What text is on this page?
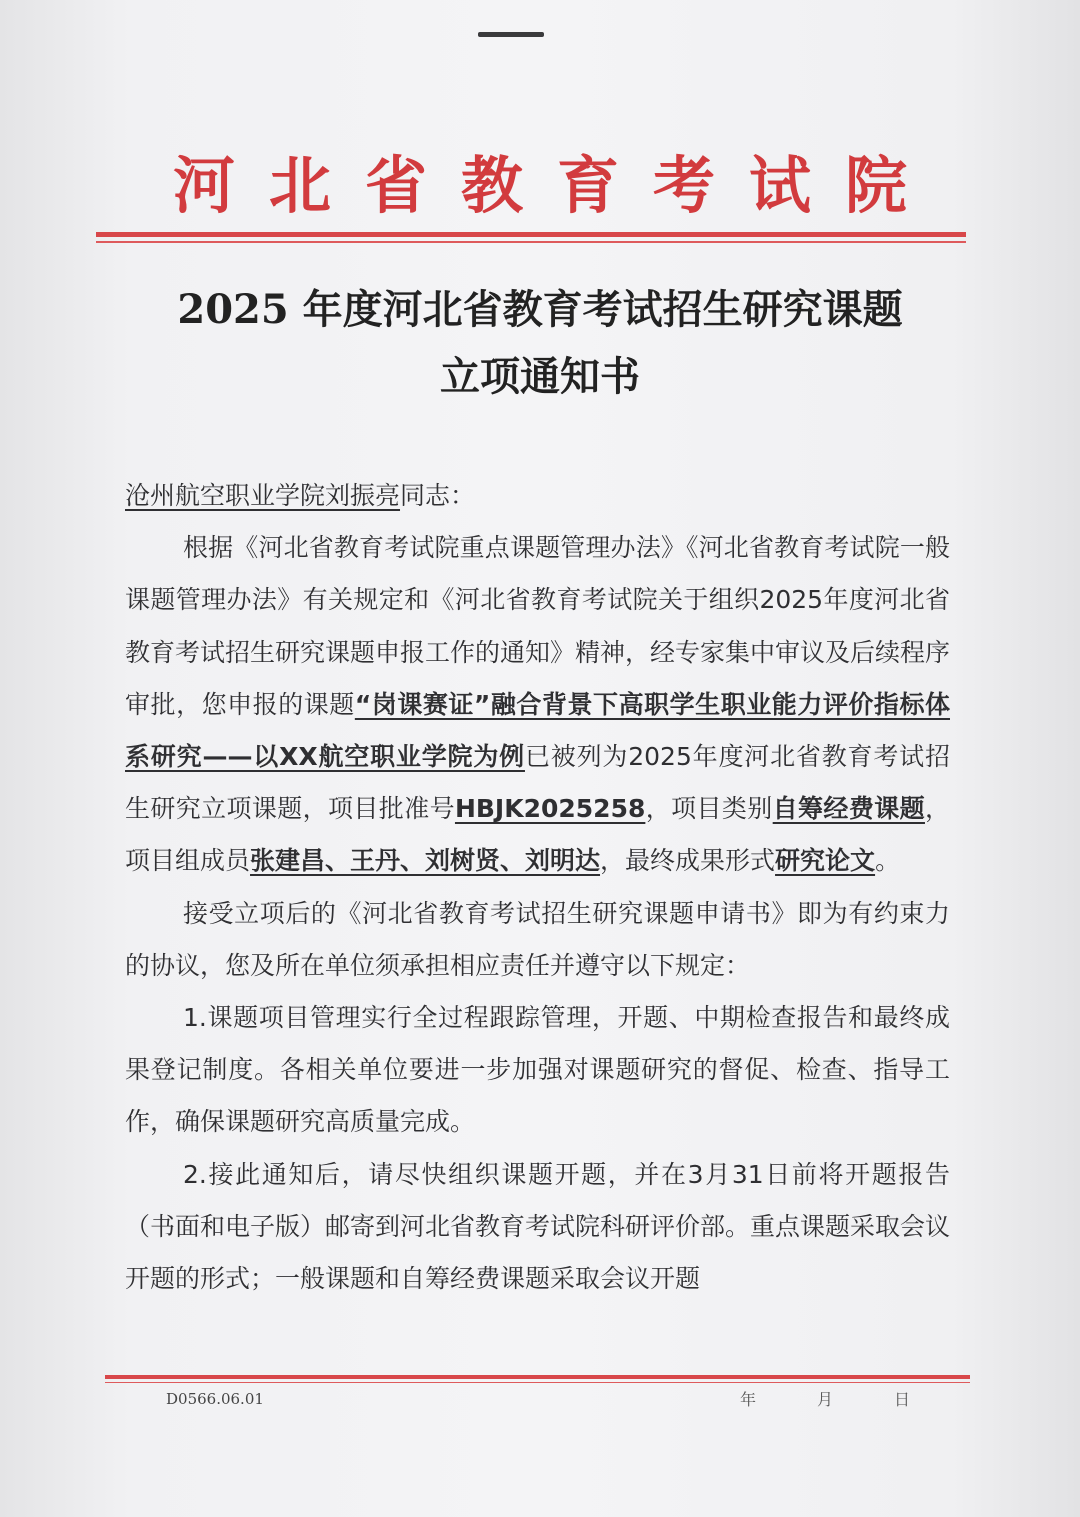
河北省教育考试院
2025 年度河北省教育考试招生研究课题
立项通知书

沧州航空职业学院刘振亮同志：

根据《河北省教育考试院重点课题管理办法》《河北省教育考试院一般课题管理办法》有关规定和《河北省教育考试院关于组织2025年度河北省教育考试招生研究课题申报工作的通知》精神，经专家集中审议及后续程序审批，您申报的课题“岗课赛证”融合背景下高职学生职业能力评价指标体系研究——以XX航空职业学院为例已被列为2025年度河北省教育考试招生研究立项课题，项目批准号HBJK2025258，项目类别自筹经费课题，项目组成员张建昌、王丹、刘树贤、刘明达，最终成果形式研究论文。

接受立项后的《河北省教育考试招生研究课题申请书》即为有约束力的协议，您及所在单位须承担相应责任并遵守以下规定：

1.课题项目管理实行全过程跟踪管理，开题、中期检查报告和最终成果登记制度。各相关单位要进一步加强对课题研究的督促、检查、指导工作，确保课题研究高质量完成。

2.接此通知后，请尽快组织课题开题，并在3月31日前将开题报告（书面和电子版）邮寄到河北省教育考试院科研评价部。重点课题采取会议开题的形式；一般课题和自筹经费课题采取会议开题

D0566.06.01	年	月	日
